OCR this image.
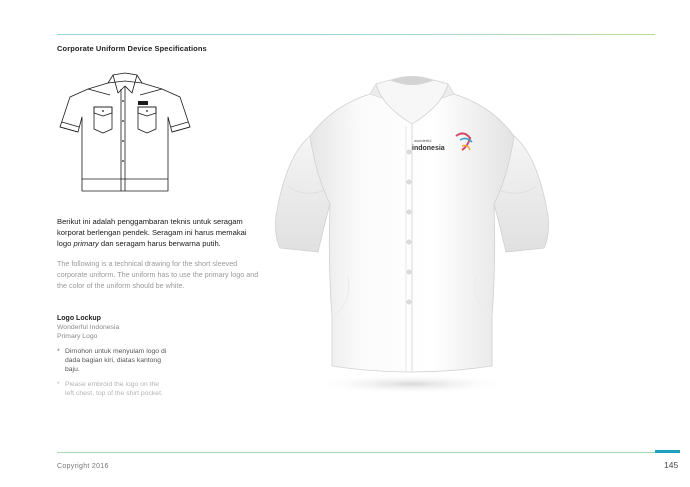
Corporate Uniform Device Specifications

Berikut ini adalah penggambaran teknis untuk seragam korporat berlengan pendek. Seragam ini harus memakai logo primary dan seragam harus berwarna putih.

The following is a technical drawing for the short sleeved corporate uniform. The uniform has to use the primary logo and the color of the uniform should be white.

Logo Lockup
Wonderful Indonesia
Primary Logo
* Dirnohon untuk menyulam logo di dada bagian kiri, diatas kantong baju.
* Please embroid the logo on the left chest, top of the shirt pocket.
wonderful
indonesia
Copyright 2016	145
